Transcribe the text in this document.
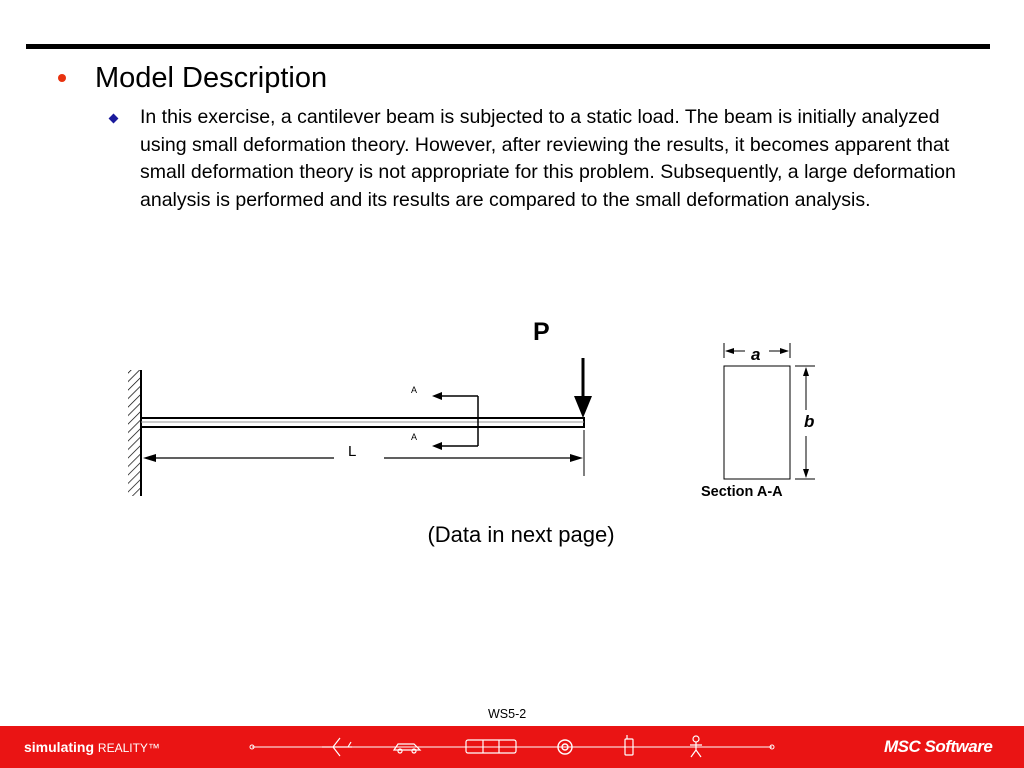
Model Description
In this exercise, a cantilever beam is subjected to a static load. The beam is initially analyzed using small deformation theory. However, after reviewing the results, it becomes apparent that small deformation theory is not appropriate for this problem. Subsequently, a large deformation analysis is performed and its results are compared to the small deformation analysis.
P
L
A
A
a
b
Section A-A
(Data in next page)
WS5-2
simulating REALITY™	MSC Software
